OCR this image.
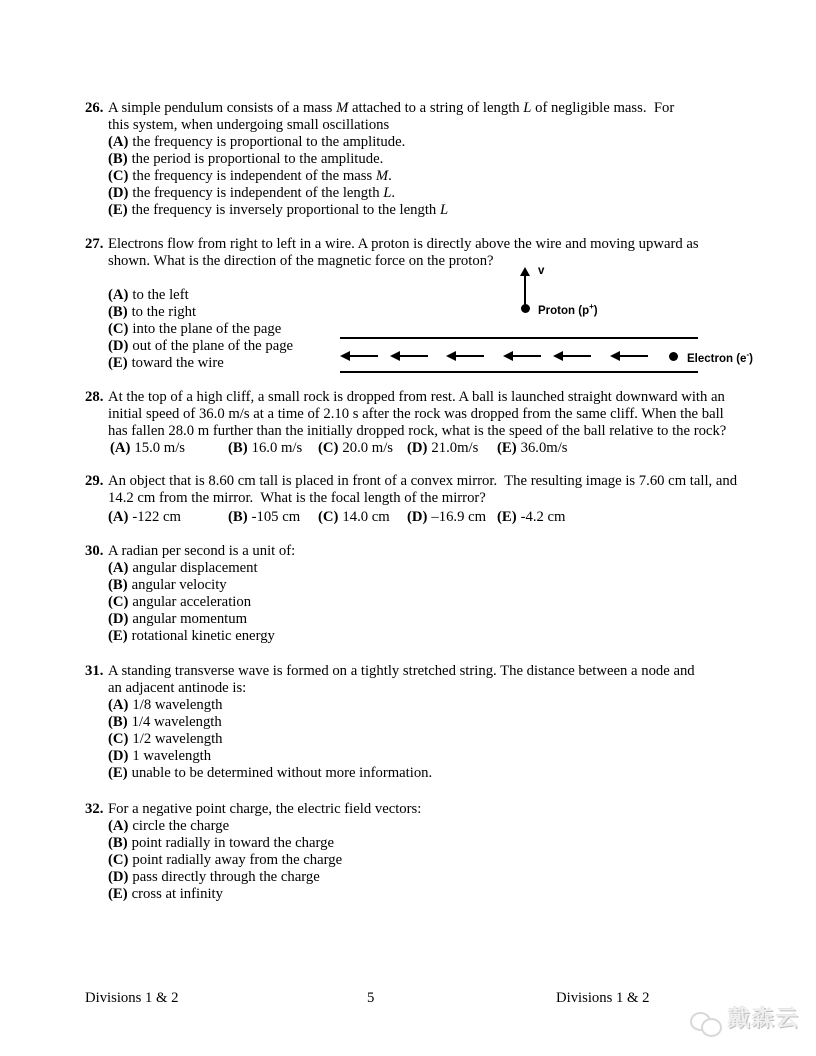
26. A simple pendulum consists of a mass M attached to a string of length L of negligible mass.  For
this system, when undergoing small oscillations
(A) the frequency is proportional to the amplitude.
(B) the period is proportional to the amplitude.
(C) the frequency is independent of the mass M.
(D) the frequency is independent of the length L.
(E) the frequency is inversely proportional to the length L
27. Electrons flow from right to left in a wire. A proton is directly above the wire and moving upward as
shown. What is the direction of the magnetic force on the proton?
(A) to the left
(B) to the right
(C) into the plane of the page
(D) out of the plane of the page
(E) toward the wire
v
Proton (p+)
Electron (e-)
28. At the top of a high cliff, a small rock is dropped from rest. A ball is launched straight downward with an
initial speed of 36.0 m/s at a time of 2.10 s after the rock was dropped from the same cliff. When the ball
has fallen 28.0 m further than the initially dropped rock, what is the speed of the ball relative to the rock?
(A) 15.0 m/s	(B) 16.0 m/s (C) 20.0 m/s (D) 21.0m/s (E) 36.0m/s
29. An object that is 8.60 cm tall is placed in front of a convex mirror.  The resulting image is 7.60 cm tall, and
14.2 cm from the mirror.  What is the focal length of the mirror?
(A) -122 cm	(B) -105 cm (C) 14.0 cm (D) –16.9 cm (E) -4.2 cm
30. A radian per second is a unit of:
(A) angular displacement
(B) angular velocity
(C) angular acceleration
(D) angular momentum
(E) rotational kinetic energy
31. A standing transverse wave is formed on a tightly stretched string. The distance between a node and
an adjacent antinode is:
(A) 1/8 wavelength
(B) 1/4 wavelength
(C) 1/2 wavelength
(D) 1 wavelength
(E) unable to be determined without more information.
32. For a negative point charge, the electric field vectors:
(A) circle the charge
(B) point radially in toward the charge
(C) point radially away from the charge
(D) pass directly through the charge
(E) cross at infinity
Divisions 1 & 2	5	Divisions 1 & 2
戴森云
